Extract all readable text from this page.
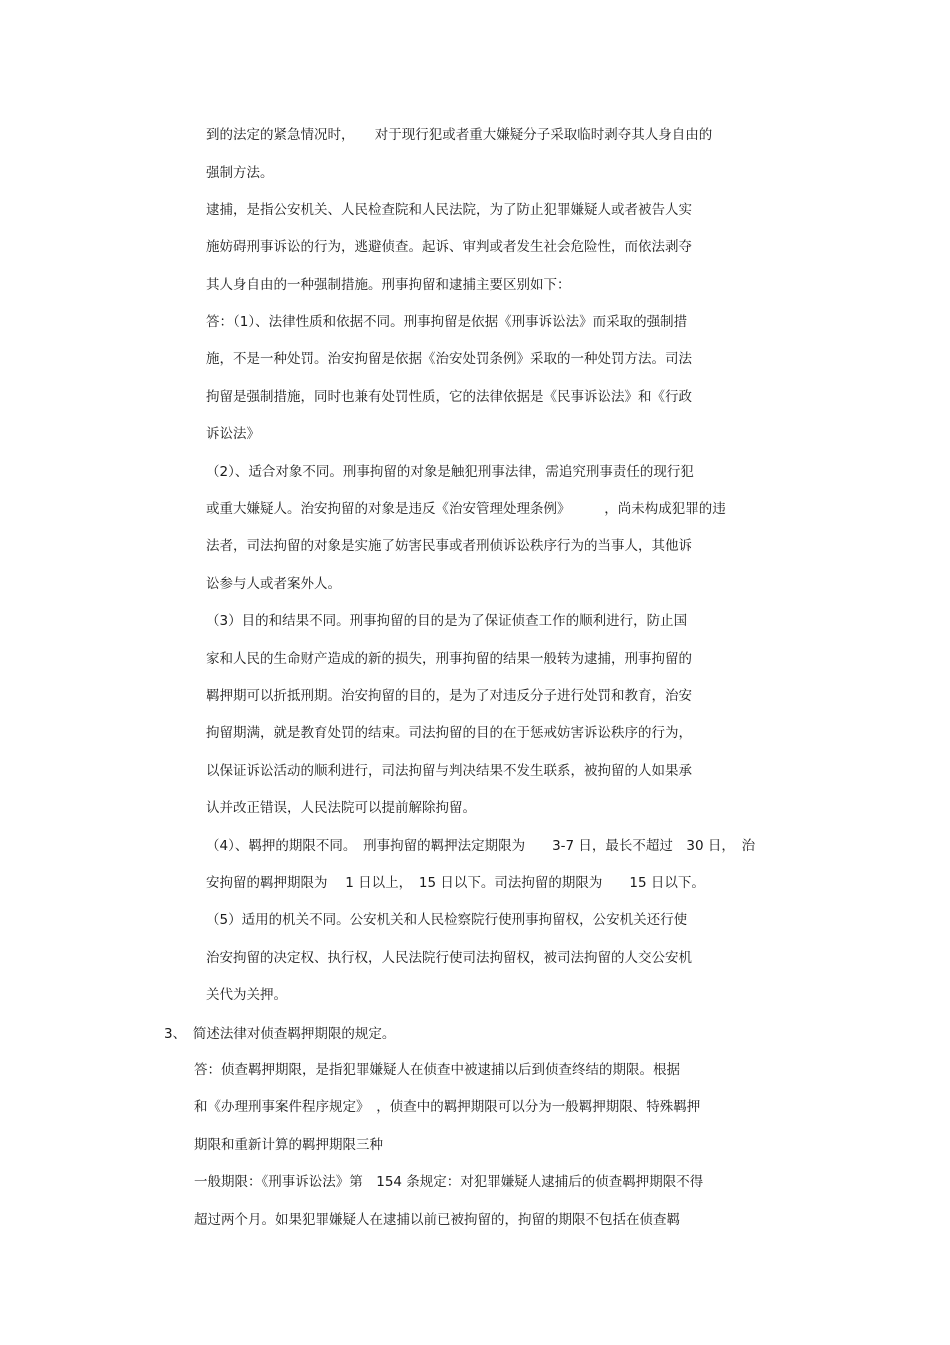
到的法定的紧急情况时，　　对于现行犯或者重大嫌疑分子采取临时剥夺其人身自由的
强制方法。
逮捕，是指公安机关、人民检查院和人民法院，为了防止犯罪嫌疑人或者被告人实
施妨碍刑事诉讼的行为，逃避侦查。起诉、审判或者发生社会危险性，而依法剥夺
其人身自由的一种强制措施。刑事拘留和逮捕主要区别如下：
答：（1）、法律性质和依据不同。刑事拘留是依据《刑事诉讼法》而采取的强制措
施，不是一种处罚。治安拘留是依据《治安处罚条例》采取的一种处罚方法。司法
拘留是强制措施，同时也兼有处罚性质，它的法律依据是《民事诉讼法》和《行政
诉讼法》
（2）、适合对象不同。刑事拘留的对象是触犯刑事法律，需追究刑事责任的现行犯
或重大嫌疑人。治安拘留的对象是违反《治安管理处理条例》　　　，尚未构成犯罪的违
法者，司法拘留的对象是实施了妨害民事或者刑侦诉讼秩序行为的当事人，其他诉
讼参与人或者案外人。
（3）目的和结果不同。刑事拘留的目的是为了保证侦查工作的顺利进行，防止国
家和人民的生命财产造成的新的损失，刑事拘留的结果一般转为逮捕，刑事拘留的
羁押期可以折抵刑期。治安拘留的目的，是为了对违反分子进行处罚和教育，治安
拘留期满，就是教育处罚的结束。司法拘留的目的在于惩戒妨害诉讼秩序的行为，
以保证诉讼活动的顺利进行，司法拘留与判决结果不发生联系，被拘留的人如果承
认并改正错误，人民法院可以提前解除拘留。
（4）、羁押的期限不同。　刑事拘留的羁押法定期限为　　3-7 日，最长不超过　30 日，　治
安拘留的羁押期限为　 1 日以上，　15 日以下。司法拘留的期限为　　15 日以下。
（5）适用的机关不同。公安机关和人民检察院行使刑事拘留权，公安机关还行使
治安拘留的决定权、执行权，人民法院行使司法拘留权，被司法拘留的人交公安机
关代为关押。
3、　简述法律对侦查羁押期限的规定。
答：侦查羁押期限，是指犯罪嫌疑人在侦查中被逮捕以后到侦查终结的期限。根据
和《办理刑事案件程序规定》　，侦查中的羁押期限可以分为一般羁押期限、特殊羁押
期限和重新计算的羁押期限三种
一般期限：《刑事诉讼法》第　154 条规定：对犯罪嫌疑人逮捕后的侦查羁押期限不得
超过两个月。如果犯罪嫌疑人在逮捕以前已被拘留的，拘留的期限不包括在侦查羁
